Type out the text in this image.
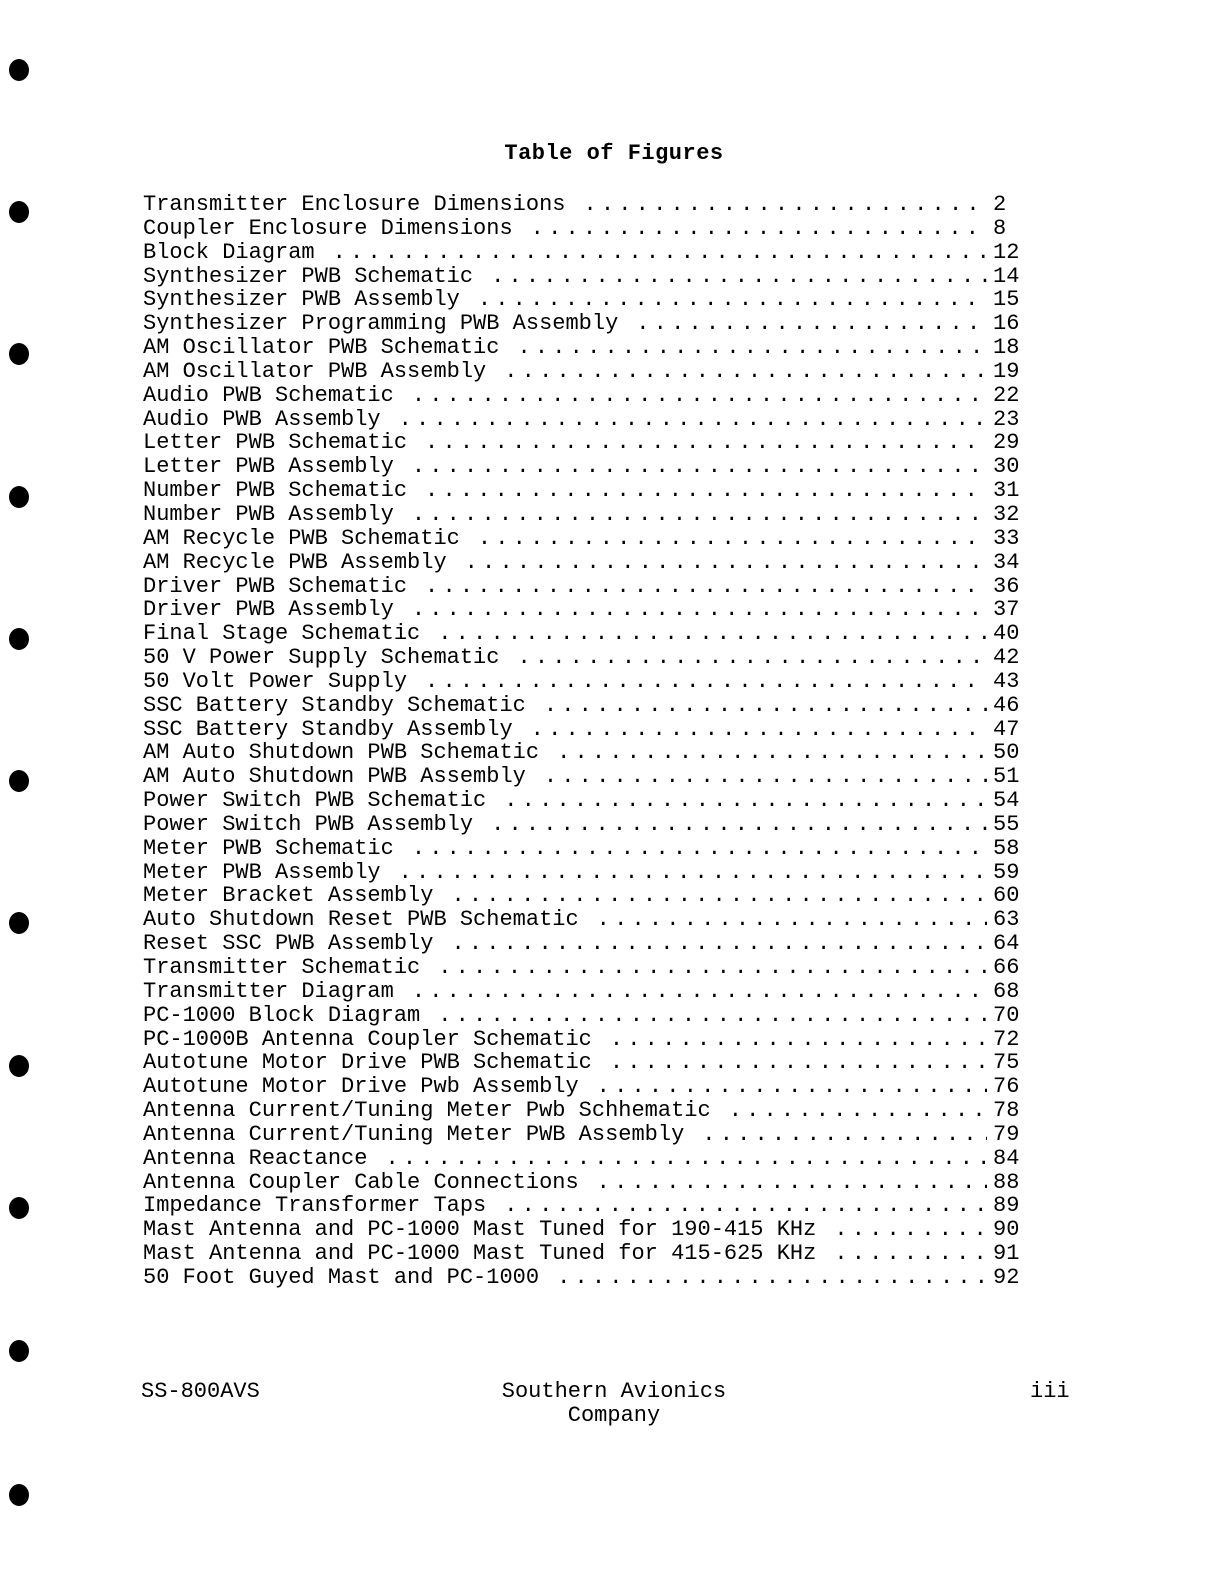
Table of Figures
Transmitter Enclosure Dimensions . . .	2
Coupler Enclosure Dimensions . . .	8
Block Diagram . . .	12
Synthesizer PWB Schematic . . .	14
Synthesizer PWB Assembly . . .	15
Synthesizer Programming PWB Assembly . . .	16
AM Oscillator PWB Schematic . . .	18
AM Oscillator PWB Assembly . . .	19
Audio PWB Schematic . . .	22
Audio PWB Assembly . . .	23
Letter PWB Schematic . . .	29
Letter PWB Assembly . . .	30
Number PWB Schematic . . .	31
Number PWB Assembly . . .	32
AM Recycle PWB Schematic . . .	33
AM Recycle PWB Assembly . . .	34
Driver PWB Schematic . . .	36
Driver PWB Assembly . . .	37
Final Stage Schematic . . .	40
50 V Power Supply Schematic . . .	42
50 Volt Power Supply . . .	43
SSC Battery Standby Schematic . . .	46
SSC Battery Standby Assembly . . .	47
AM Auto Shutdown PWB Schematic . . .	50
AM Auto Shutdown PWB Assembly . . .	51
Power Switch PWB Schematic . . .	54
Power Switch PWB Assembly . . .	55
Meter PWB Schematic . . .	58
Meter PWB Assembly . . .	59
Meter Bracket Assembly . . .	60
Auto Shutdown Reset PWB Schematic . . .	63
Reset SSC PWB Assembly . . .	64
Transmitter Schematic . . .	66
Transmitter Diagram . . .	68
PC-1000 Block Diagram . . .	70
PC-1000B Antenna Coupler Schematic . . .	72
Autotune Motor Drive PWB Schematic . . .	75
Autotune Motor Drive Pwb Assembly . . .	76
Antenna Current/Tuning Meter Pwb Schhematic . . .	78
Antenna Current/Tuning Meter PWB Assembly . . .	79
Antenna Reactance . . .	84
Antenna Coupler Cable Connections . . .	88
Impedance Transformer Taps . . .	89
Mast Antenna and PC-1000 Mast Tuned for 190-415 KHz . . .	90
Mast Antenna and PC-1000 Mast Tuned for 415-625 KHz . . .	91
50 Foot Guyed Mast and PC-1000 . . .	92
SS-800AVS	Southern Avionics
Company
iii
